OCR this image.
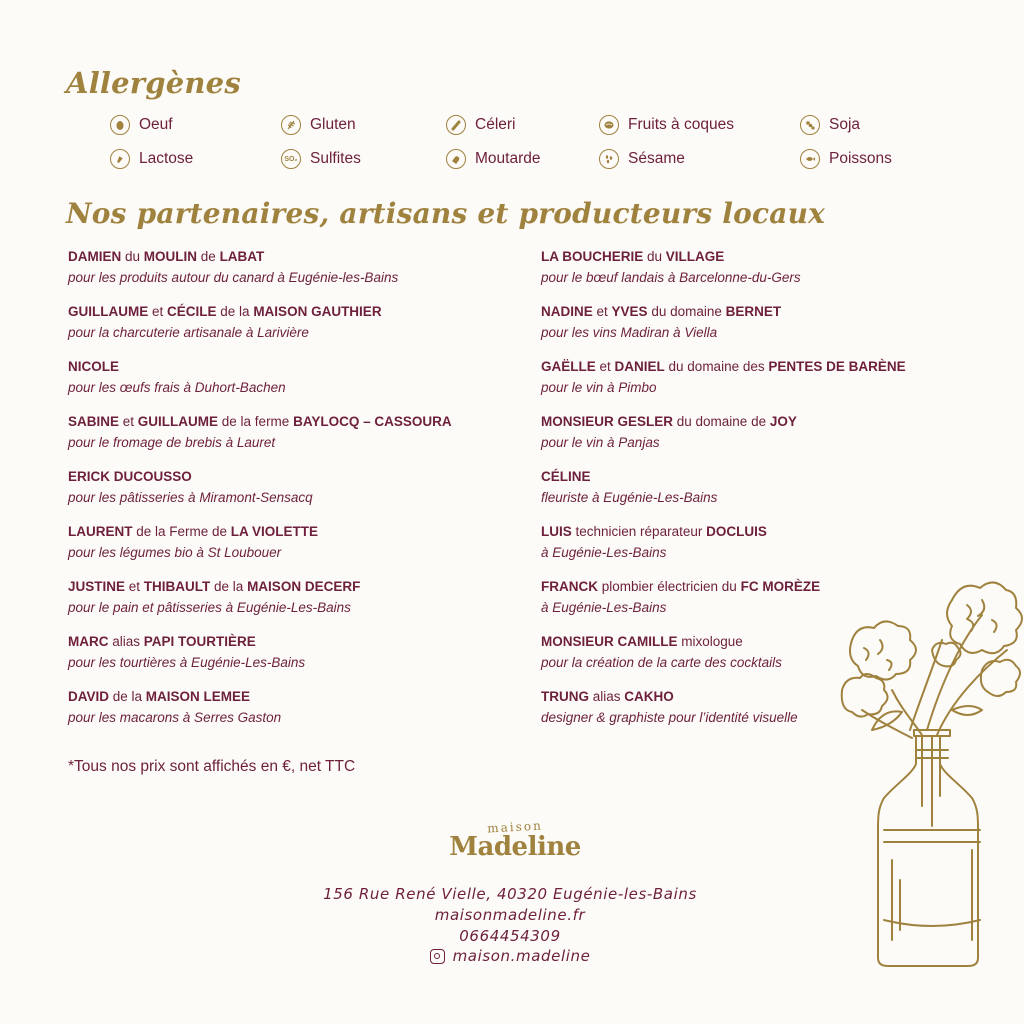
Allergènes
Oeuf	Gluten	Céleri	Fruits à coques	Soja
Lactose	SO₂ Sulfites	Moutarde	Sésame	Poissons
Nos partenaires, artisans et producteurs locaux
DAMIEN du MOULIN de LABAT
pour les produits autour du canard à Eugénie-les-Bains
GUILLAUME et CÉCILE de la MAISON GAUTHIER
pour la charcuterie artisanale à Larivière
NICOLE
pour les œufs frais à Duhort-Bachen
SABINE et GUILLAUME de la ferme BAYLOCQ – CASSOURA
pour le fromage de brebis à Lauret
ERICK DUCOUSSO
pour les pâtisseries à Miramont-Sensacq
LAURENT de la Ferme de LA VIOLETTE
pour les légumes bio à St Loubouer
JUSTINE et THIBAULT de la MAISON DECERF
pour le pain et pâtisseries à Eugénie-Les-Bains
MARC alias PAPI TOURTIÈRE
pour les tourtières à Eugénie-Les-Bains
DAVID de la MAISON LEMEE
pour les macarons à Serres Gaston
LA BOUCHERIE du VILLAGE
pour le bœuf landais à Barcelonne-du-Gers
NADINE et YVES du domaine BERNET
pour les vins Madiran à Viella
GAËLLE et DANIEL du domaine des PENTES DE BARÈNE
pour le vin à Pimbo
MONSIEUR GESLER du domaine de JOY
pour le vin à Panjas
CÉLINE
fleuriste à Eugénie-Les-Bains
LUIS technicien réparateur DOCLUIS
à Eugénie-Les-Bains
FRANCK plombier électricien du FC MORÈZE
à Eugénie-Les-Bains
MONSIEUR CAMILLE mixologue
pour la création de la carte des cocktails
TRUNG alias CAKHO
designer & graphiste pour l’identité visuelle
*Tous nos prix sont affichés en €, net TTC
maison
Madeline
156 Rue René Vielle, 40320 Eugénie-les-Bains
maisonmadeline.fr
0664454309
maison.madeline
